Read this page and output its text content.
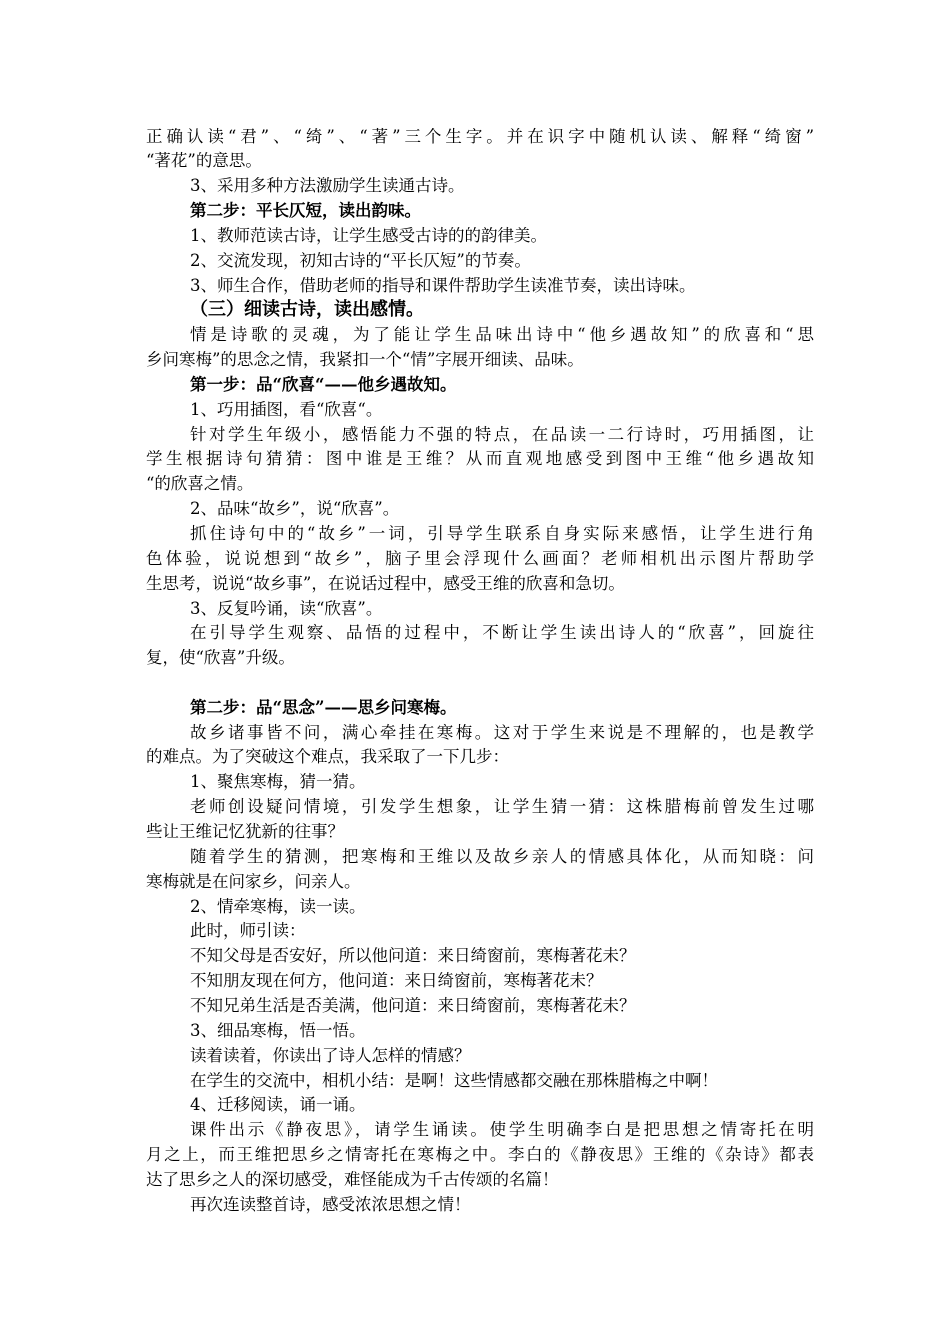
正确认读“君”、“绮”、“著”三个生字。并在识字中随机认读、解释“绮窗”

“著花”的意思。

3、采用多种方法激励学生读通古诗。

第二步：平长仄短，读出韵味。

1、教师范读古诗，让学生感受古诗的的韵律美。

2、交流发现，初知古诗的“平长仄短”的节奏。

3、师生合作，借助老师的指导和课件帮助学生读准节奏，读出诗味。

（三）细读古诗，读出感情。

情是诗歌的灵魂，为了能让学生品味出诗中“他乡遇故知”的欣喜和“思

乡问寒梅”的思念之情，我紧扣一个“情”字展开细读、品味。

第一步：品“欣喜“——他乡遇故知。

1、巧用插图，看“欣喜“。

针对学生年级小，感悟能力不强的特点，在品读一二行诗时，巧用插图，让

学生根据诗句猜猜：图中谁是王维？从而直观地感受到图中王维“他乡遇故知

“的欣喜之情。

2、品味“故乡”，说“欣喜”。

抓住诗句中的“故乡”一词，引导学生联系自身实际来感悟，让学生进行角

色体验，说说想到“故乡”，脑子里会浮现什么画面？老师相机出示图片帮助学

生思考，说说“故乡事”，在说话过程中，感受王维的欣喜和急切。

3、反复吟诵，读“欣喜”。

在引导学生观察、品悟的过程中，不断让学生读出诗人的“欣喜”，回旋往

复，使“欣喜”升级。

第二步：品“思念”——思乡问寒梅。

故乡诸事皆不问，满心牵挂在寒梅。这对于学生来说是不理解的，也是教学

的难点。为了突破这个难点，我采取了一下几步：

1、聚焦寒梅，猜一猜。

老师创设疑问情境，引发学生想象，让学生猜一猜：这株腊梅前曾发生过哪

些让王维记忆犹新的往事？

随着学生的猜测，把寒梅和王维以及故乡亲人的情感具体化，从而知晓：问

寒梅就是在问家乡，问亲人。

2、情牵寒梅，读一读。

此时，师引读：

不知父母是否安好，所以他问道：来日绮窗前，寒梅著花未？

不知朋友现在何方，他问道：来日绮窗前，寒梅著花未？

不知兄弟生活是否美满，他问道：来日绮窗前，寒梅著花未？

3、细品寒梅，悟一悟。

读着读着，你读出了诗人怎样的情感？

在学生的交流中，相机小结：是啊！这些情感都交融在那株腊梅之中啊！

4、迁移阅读，诵一诵。

课件出示《静夜思》，请学生诵读。使学生明确李白是把思想之情寄托在明

月之上，而王维把思乡之情寄托在寒梅之中。李白的《静夜思》王维的《杂诗》都表

达了思乡之人的深切感受，难怪能成为千古传颂的名篇！

再次连读整首诗，感受浓浓思想之情！
